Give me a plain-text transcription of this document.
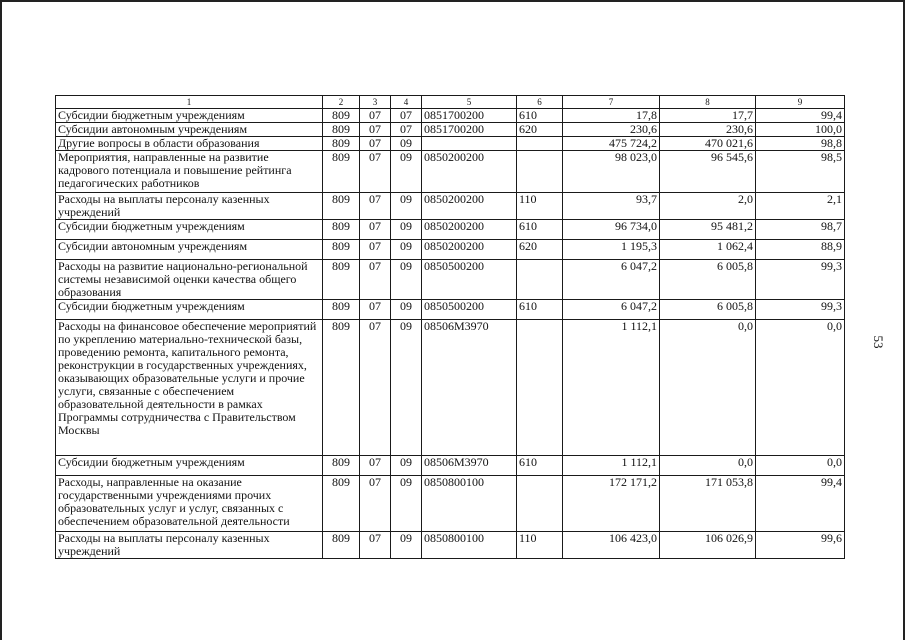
53
1	2	3	4	5	6	7	8	9
Субсидии бюджетным учреждениям	809	07	07	0851700200	610	17,8	17,7	99,4
Субсидии автономным учреждениям	809	07	07	0851700200	620	230,6	230,6	100,0
Другие вопросы в области образования	809	07	09			475 724,2	470 021,6	98,8
Мероприятия, направленные на развитие кадрового потенциала и повышение рейтинга педагогических работников	809	07	09	0850200200		98 023,0	96 545,6	98,5
Расходы на выплаты персоналу казенных учреждений	809	07	09	0850200200	110	93,7	2,0	2,1
Субсидии бюджетным учреждениям	809	07	09	0850200200	610	96 734,0	95 481,2	98,7
Субсидии автономным учреждениям	809	07	09	0850200200	620	1 195,3	1 062,4	88,9
Расходы на развитие национально-региональной системы независимой оценки качества общего образования	809	07	09	0850500200		6 047,2	6 005,8	99,3
Субсидии бюджетным учреждениям	809	07	09	0850500200	610	6 047,2	6 005,8	99,3
Расходы на финансовое обеспечение мероприятий по укреплению материально-технической базы, проведению ремонта, капитального ремонта, реконструкции в государственных учреждениях, оказывающих образовательные услуги и прочие услуги, связанные с обеспечением образовательной деятельности в рамках Программы сотрудничества с Правительством Москвы	809	07	09	08506М3970		1 112,1	0,0	0,0
Субсидии бюджетным учреждениям	809	07	09	08506М3970	610	1 112,1	0,0	0,0
Расходы, направленные на оказание государственными учреждениями прочих образовательных услуг и услуг, связанных с обеспечением образовательной деятельности	809	07	09	0850800100		172 171,2	171 053,8	99,4
Расходы на выплаты персоналу казенных учреждений	809	07	09	0850800100	110	106 423,0	106 026,9	99,6
